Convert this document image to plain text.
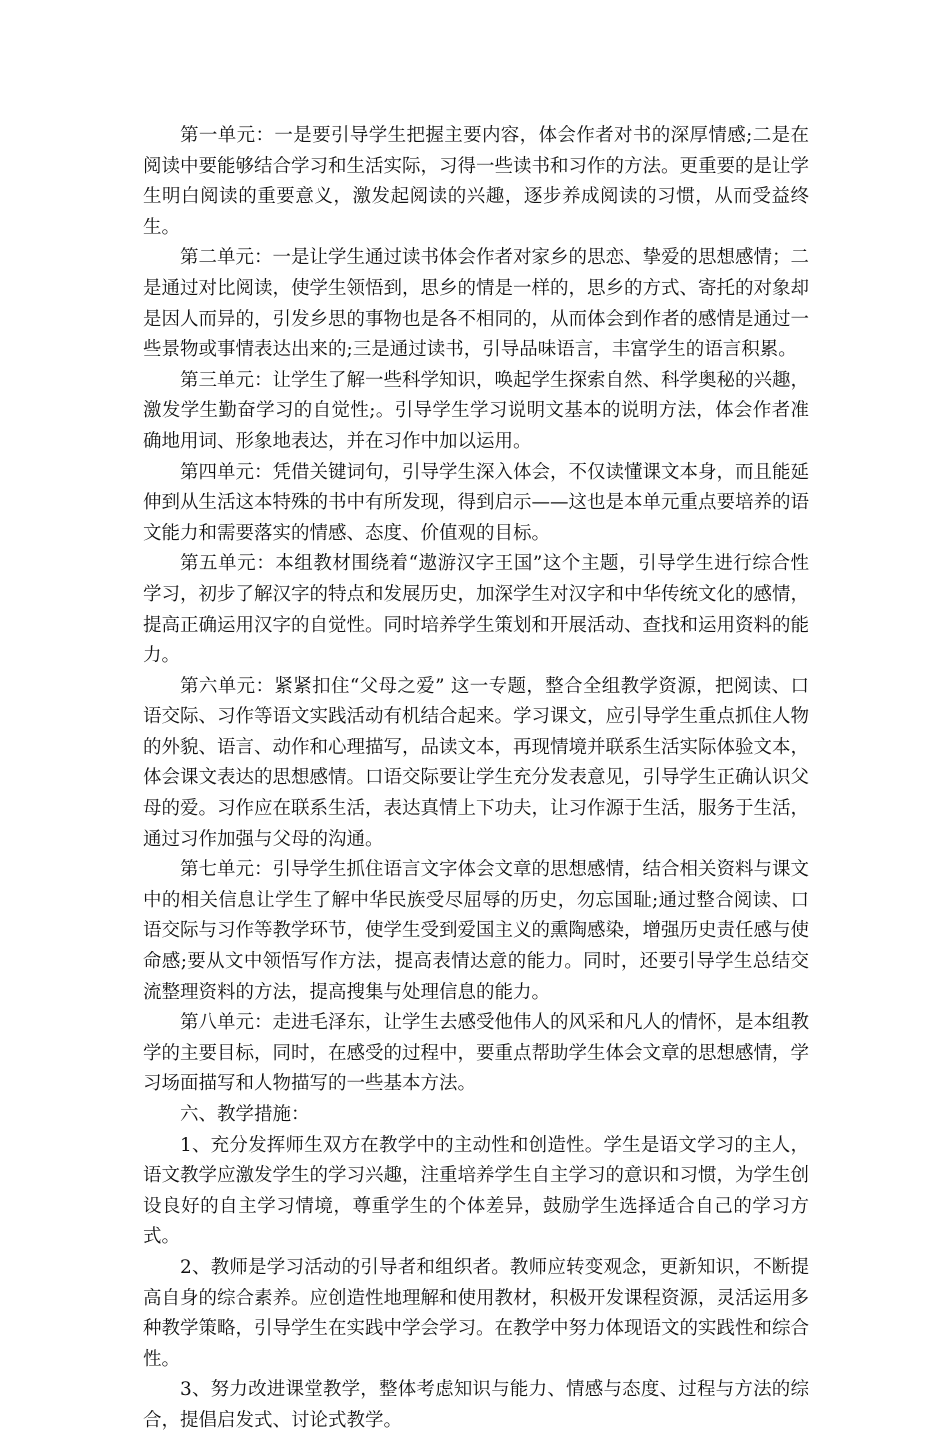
第一单元：一是要引导学生把握主要内容，体会作者对书的深厚情感;二是在阅读中要能够结合学习和生活实际，习得一些读书和习作的方法。更重要的是让学生明白阅读的重要意义，激发起阅读的兴趣，逐步养成阅读的习惯，从而受益终生。

第二单元：一是让学生通过读书体会作者对家乡的思恋、挚爱的思想感情；二是通过对比阅读，使学生领悟到，思乡的情是一样的，思乡的方式、寄托的对象却是因人而异的，引发乡思的事物也是各不相同的，从而体会到作者的感情是通过一些景物或事情表达出来的;三是通过读书，引导品味语言，丰富学生的语言积累。

第三单元：让学生了解一些科学知识，唤起学生探索自然、科学奥秘的兴趣，激发学生勤奋学习的自觉性;。引导学生学习说明文基本的说明方法，体会作者准确地用词、形象地表达，并在习作中加以运用。

第四单元：凭借关键词句，引导学生深入体会，不仅读懂课文本身，而且能延伸到从生活这本特殊的书中有所发现，得到启示——这也是本单元重点要培养的语文能力和需要落实的情感、态度、价值观的目标。

第五单元：本组教材围绕着“遨游汉字王国”这个主题，引导学生进行综合性学习，初步了解汉字的特点和发展历史，加深学生对汉字和中华传统文化的感情，提高正确运用汉字的自觉性。同时培养学生策划和开展活动、查找和运用资料的能力。

第六单元：紧紧扣住“父母之爱” 这一专题，整合全组教学资源，把阅读、口语交际、习作等语文实践活动有机结合起来。学习课文，应引导学生重点抓住人物的外貌、语言、动作和心理描写，品读文本，再现情境并联系生活实际体验文本，体会课文表达的思想感情。口语交际要让学生充分发表意见，引导学生正确认识父母的爱。习作应在联系生活，表达真情上下功夫，让习作源于生活，服务于生活，通过习作加强与父母的沟通。

第七单元：引导学生抓住语言文字体会文章的思想感情，结合相关资料与课文中的相关信息让学生了解中华民族受尽屈辱的历史，勿忘国耻;通过整合阅读、口语交际与习作等教学环节，使学生受到爱国主义的熏陶感染，增强历史责任感与使命感;要从文中领悟写作方法，提高表情达意的能力。同时，还要引导学生总结交流整理资料的方法，提高搜集与处理信息的能力。

第八单元：走进毛泽东，让学生去感受他伟人的风采和凡人的情怀，是本组教学的主要目标，同时，在感受的过程中，要重点帮助学生体会文章的思想感情，学习场面描写和人物描写的一些基本方法。

六、教学措施：

1、充分发挥师生双方在教学中的主动性和创造性。学生是语文学习的主人，语文教学应激发学生的学习兴趣，注重培养学生自主学习的意识和习惯，为学生创设良好的自主学习情境，尊重学生的个体差异，鼓励学生选择适合自己的学习方式。

2、教师是学习活动的引导者和组织者。教师应转变观念，更新知识，不断提高自身的综合素养。应创造性地理解和使用教材，积极开发课程资源，灵活运用多种教学策略，引导学生在实践中学会学习。在教学中努力体现语文的实践性和综合性。

3、努力改进课堂教学，整体考虑知识与能力、情感与态度、过程与方法的综合，提倡启发式、讨论式教学。
